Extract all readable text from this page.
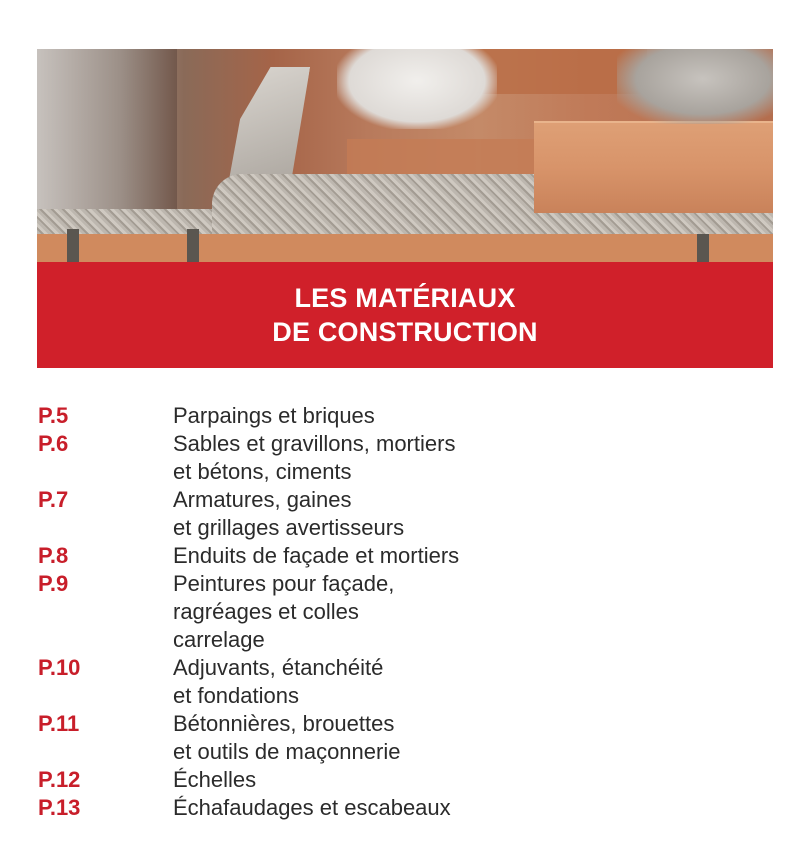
LES MATÉRIAUX
DE CONSTRUCTION
P.5	Parpaings et briques
P.6	Sables et gravillons, mortiers
et bétons, ciments
P.7	Armatures, gaines
et grillages avertisseurs
P.8	Enduits de façade et mortiers
P.9	Peintures pour façade,
ragréages et colles
carrelage
P.10	Adjuvants, étanchéité
et fondations
P.11	Bétonnières, brouettes
et outils de maçonnerie
P.12	Échelles
P.13	Échafaudages et escabeaux
